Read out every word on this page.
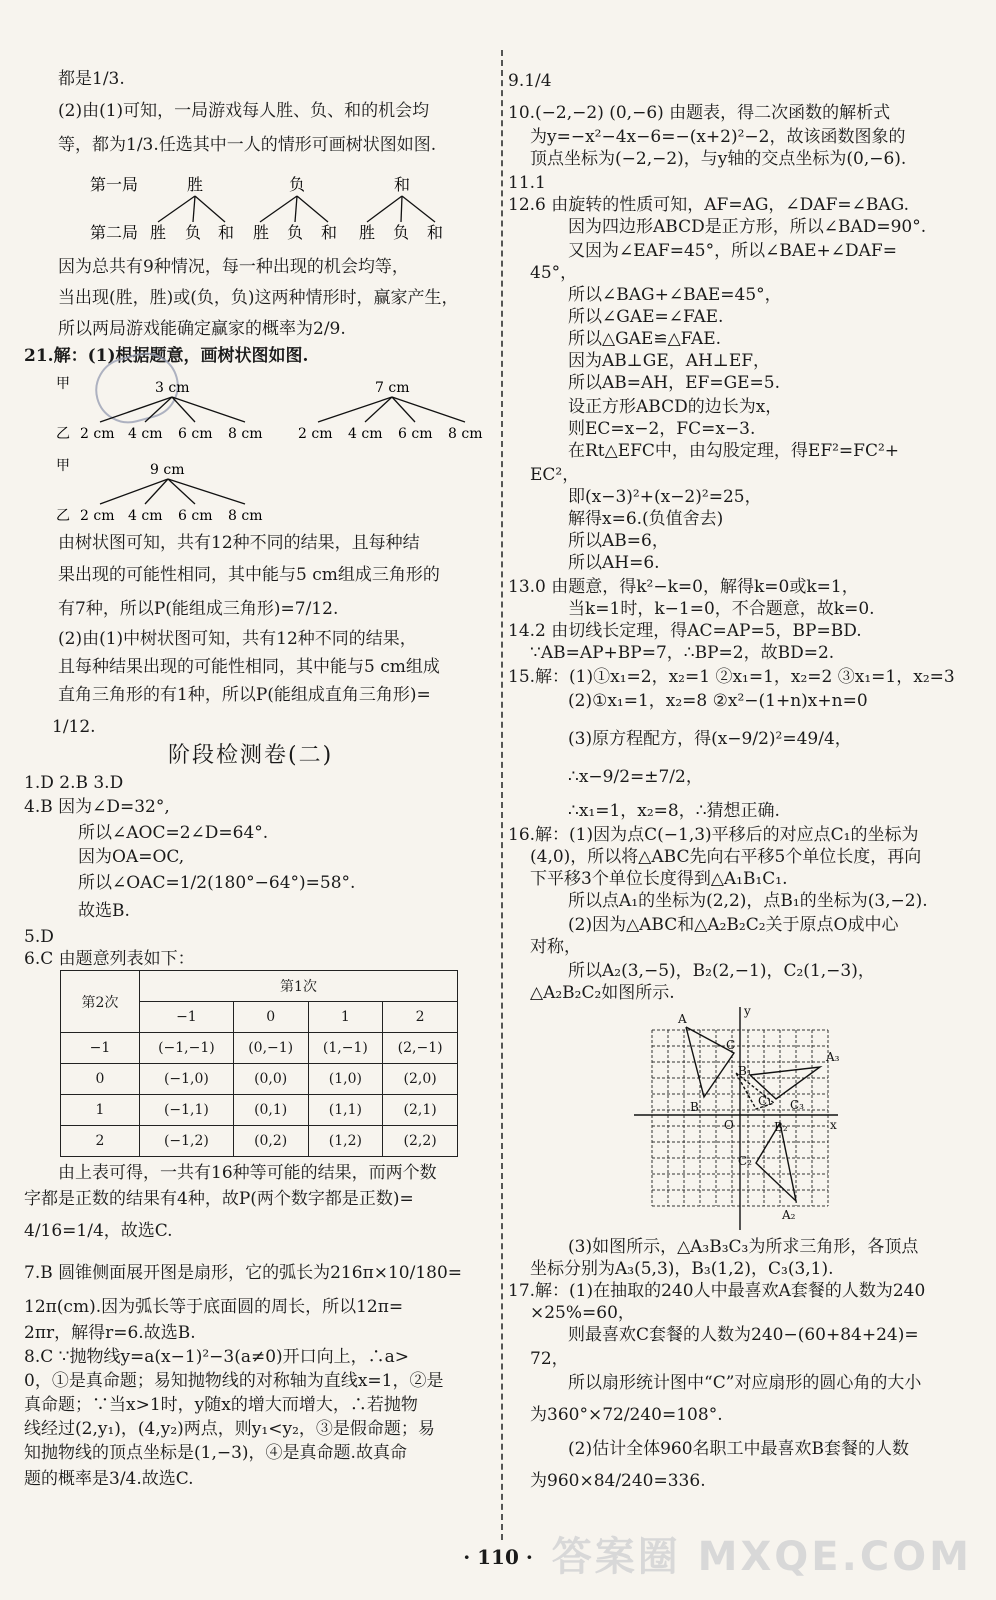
都是1/3.
(2)由(1)可知，一局游戏每人胜、负、和的机会均
等，都为1/3.任选其中一人的情形可画树状图如图.
第一局
第二局
胜	负	和
胜 负 和 胜 负 和 胜 负 和
因为总共有9种情况，每一种出现的机会均等，
当出现(胜，胜)或(负，负)这两种情形时，赢家产生，
所以两局游戏能确定赢家的概率为2/9.
21.解：(1)根据题意，画树状图如图.

甲
乙
甲
乙
3 cm	7 cm
9 cm
2 cm 4 cm 6 cm 8 cm	2 cm 4 cm 6 cm 8 cm
2 cm 4 cm 6 cm 8 cm
由树状图可知，共有12种不同的结果，且每种结
果出现的可能性相同，其中能与5 cm组成三角形的
有7种，所以P(能组成三角形)=7/12.
(2)由(1)中树状图可知，共有12种不同的结果，
且每种结果出现的可能性相同，其中能与5 cm组成
直角三角形的有1种，所以P(能组成直角三角形)=
1/12.
阶段检测卷(二)
1.D 2.B 3.D
4.B 因为∠D=32°,
所以∠AOC=2∠D=64°.
因为OA=OC,
所以∠OAC=1/2(180°−64°)=58°.
故选B.
5.D
6.C 由题意列表如下：
第2次	第1次			
	−1	0	1	2
−1	(−1,−1)	(0,−1)	(1,−1)	(2,−1)
0	(−1,0)	(0,0)	(1,0)	(2,0)
1	(−1,1)	(0,1)	(1,1)	(2,1)
2	(−1,2)	(0,2)	(1,2)	(2,2)
由上表可得，一共有16种等可能的结果，而两个数
字都是正数的结果有4种，故P(两个数字都是正数)=
4/16=1/4，故选C.
7.B 圆锥侧面展开图是扇形，它的弧长为216π×10/180=
12π(cm).因为弧长等于底面圆的周长，所以12π=
2πr，解得r=6.故选B.
8.C ∵抛物线y=a(x−1)²−3(a≠0)开口向上，∴a>
0，①是真命题；易知抛物线的对称轴为直线x=1，②是
真命题；∵当x>1时，y随x的增大而增大，∴若抛物
线经过(2,y₁)，(4,y₂)两点，则y₁<y₂，③是假命题；易
知抛物线的顶点坐标是(1,−3)，④是真命题.故真命
题的概率是3/4.故选C.
9.1/4
10.(−2,−2) (0,−6) 由题表，得二次函数的解析式
为y=−x²−4x−6=−(x+2)²−2，故该函数图象的
顶点坐标为(−2,−2)，与y轴的交点坐标为(0,−6).
11.1
12.6 由旋转的性质可知，AF=AG，∠DAF=∠BAG.
因为四边形ABCD是正方形，所以∠BAD=90°.
又因为∠EAF=45°，所以∠BAE+∠DAF=
45°，
所以∠BAG+∠BAE=45°，
所以∠GAE=∠FAE.
所以△GAE≌△FAE.
因为AB⊥GE，AH⊥EF，
所以AB=AH，EF=GE=5.
设正方形ABCD的边长为x，
则EC=x−2，FC=x−3.
在Rt△EFC中，由勾股定理，得EF²=FC²+
EC²，
即(x−3)²+(x−2)²=25，
解得x=6.(负值舍去)
所以AB=6，
所以AH=6.
13.0 由题意，得k²−k=0，解得k=0或k=1，
当k=1时，k−1=0，不合题意，故k=0.
14.2 由切线长定理，得AC=AP=5，BP=BD.
∵AB=AP+BP=7，∴BP=2，故BD=2.
15.解：(1)①x₁=2，x₂=1 ②x₁=1，x₂=2 ③x₁=1，x₂=3
(2)①x₁=1，x₂=8 ②x²−(1+n)x+n=0
(3)原方程配方，得(x−9/2)²=49/4，
∴x−9/2=±7/2，
∴x₁=1，x₂=8，∴猜想正确.
16.解：(1)因为点C(−1,3)平移后的对应点C₁的坐标为
(4,0)，所以将△ABC先向右平移5个单位长度，再向
下平移3个单位长度得到△A₁B₁C₁.
所以点A₁的坐标为(2,2)，点B₁的坐标为(3,−2).
(2)因为△ABC和△A₂B₂C₂关于原点O成中心
对称，
所以A₂(3,−5)，B₂(2,−1)，C₂(1,−3)，
△A₂B₂C₂如图所示.
A
C
B
A₃
B₁
C₁ C₃
B₂
C₂
A₂
O	x
y
(3)如图所示，△A₃B₃C₃为所求三角形，各顶点
坐标分别为A₃(5,3)，B₃(1,2)，C₃(3,1).
17.解：(1)在抽取的240人中最喜欢A套餐的人数为240
×25%=60，
则最喜欢C套餐的人数为240−(60+84+24)=
72，
所以扇形统计图中“C”对应扇形的圆心角的大小
为360°×72/240=108°.
(2)估计全体960名职工中最喜欢B套餐的人数
为960×84/240=336.
· 110 · 答案圈 MXQE.COM
